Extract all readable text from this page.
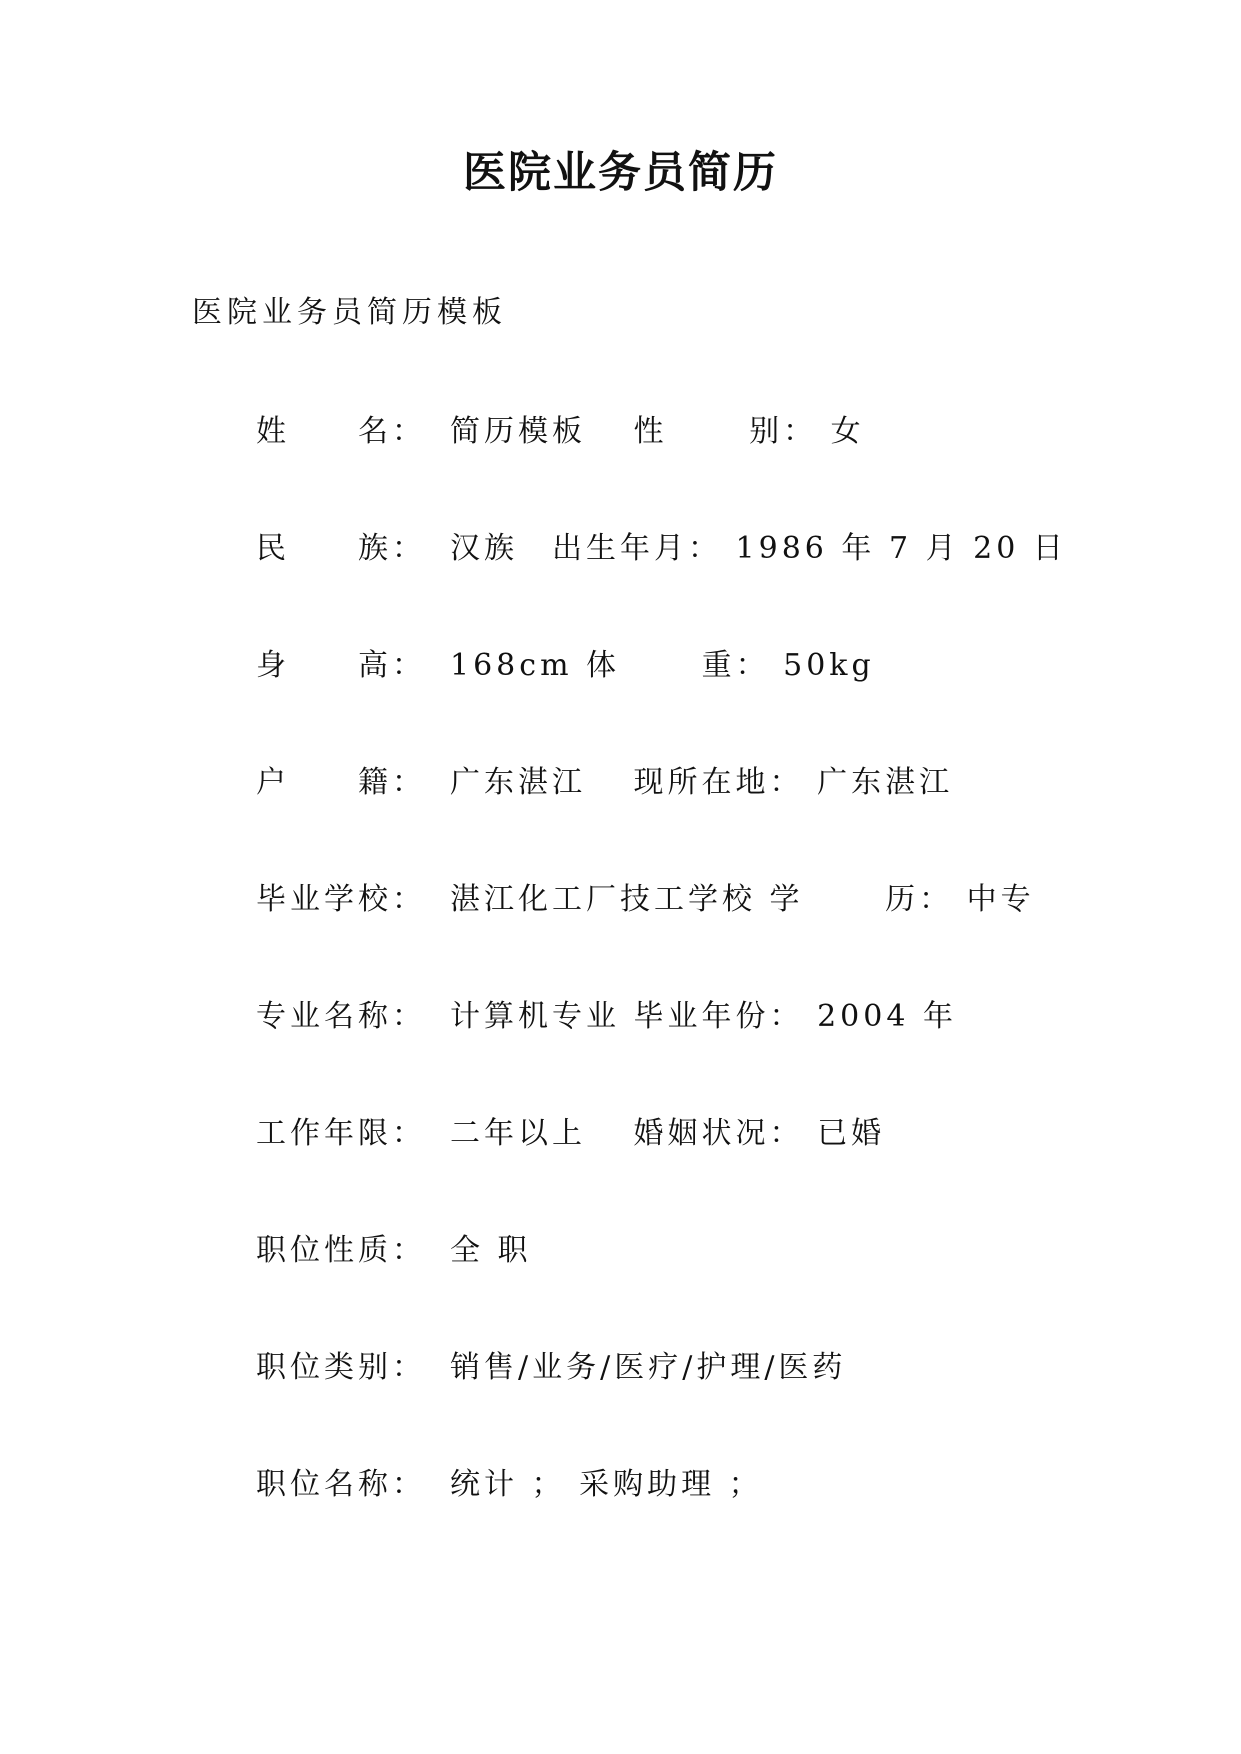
医院业务员简历
医院业务员简历模板
姓　　名： 简历模板　 性　　 别： 女
民　　族： 汉族　出生年月： 1986 年 7 月 20 日
身　　高： 168cm 体　　 重： 50kg
户　　籍： 广东湛江　 现所在地： 广东湛江
毕业学校： 湛江化工厂技工学校 学　　 历： 中专
专业名称： 计算机专业 毕业年份： 2004 年
工作年限： 二年以上　 婚姻状况： 已婚
职位性质： 全 职
职位类别： 销售/业务/医疗/护理/医药
职位名称： 统计 ； 采购助理 ；
